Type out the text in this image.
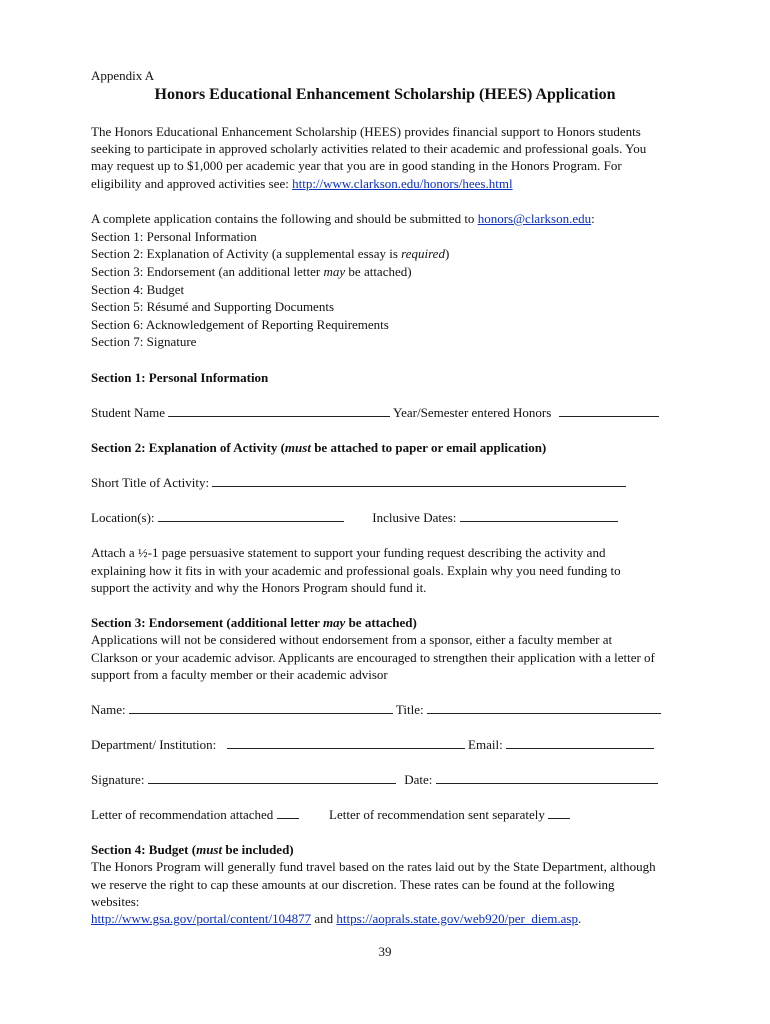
Appendix A
Honors Educational Enhancement Scholarship (HEES) Application
The Honors Educational Enhancement Scholarship (HEES) provides financial support to Honors students
seeking to participate in approved scholarly activities related to their academic and professional goals. You
may request up to $1,000 per academic year that you are in good standing in the Honors Program. For
eligibility and approved activities see: http://www.clarkson.edu/honors/hees.html
A complete application contains the following and should be submitted to honors@clarkson.edu:
Section 1: Personal Information
Section 2: Explanation of Activity (a supplemental essay is required)
Section 3: Endorsement (an additional letter may be attached)
Section 4: Budget
Section 5: Résumé and Supporting Documents
Section 6: Acknowledgement of Reporting Requirements
Section 7: Signature
Section 1: Personal Information
Student Name	Year/Semester entered Honors
Section 2: Explanation of Activity (must be attached to paper or email application)
Short Title of Activity:
Location(s):	Inclusive Dates:
Attach a ½-1 page persuasive statement to support your funding request describing the activity and
explaining how it fits in with your academic and professional goals. Explain why you need funding to
support the activity and why the Honors Program should fund it.
Section 3: Endorsement (additional letter may be attached)
Applications will not be considered without endorsement from a sponsor, either a faculty member at
Clarkson or your academic advisor. Applicants are encouraged to strengthen their application with a letter of
support from a faculty member or their academic advisor
Name:	Title:
Department/ Institution:	Email:
Signature:	Date:
Letter of recommendation attached	Letter of recommendation sent separately
Section 4: Budget (must be included)
The Honors Program will generally fund travel based on the rates laid out by the State Department, although
we reserve the right to cap these amounts at our discretion. These rates can be found at the following
websites:
http://www.gsa.gov/portal/content/104877 and https://aoprals.state.gov/web920/per_diem.asp.
39
